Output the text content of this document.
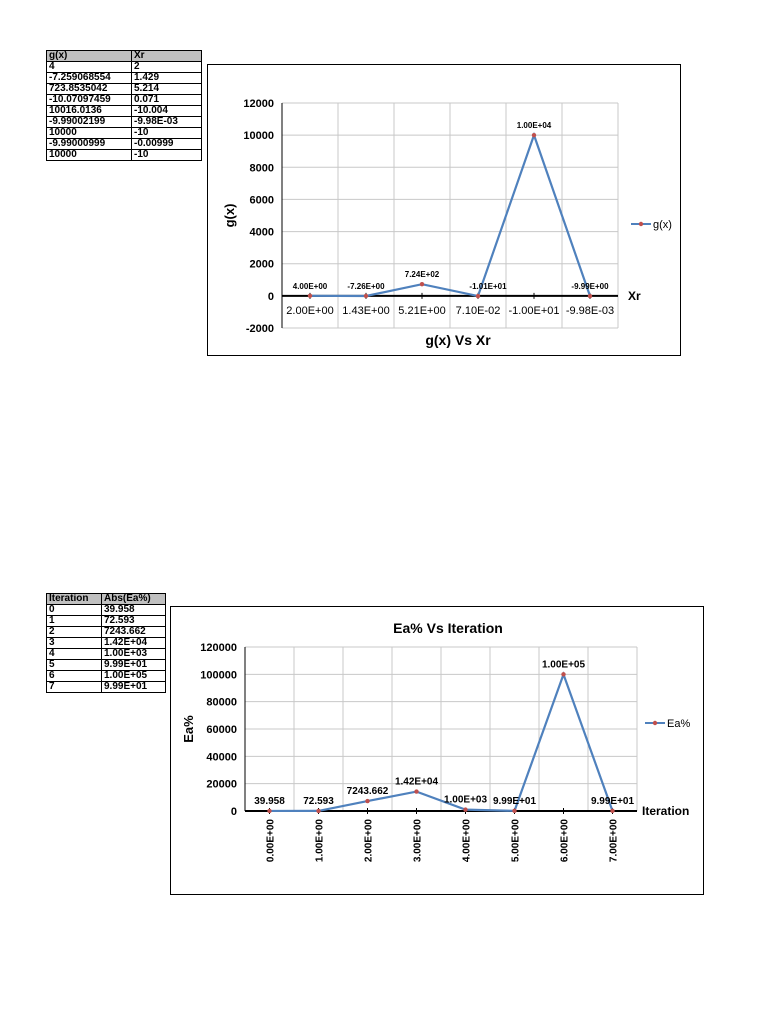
g(x)	Xr
4	2
-7.259068554	1.429
723.8535042	5.214
-10.07097459	0.071
10016.0136	-10.004
-9.99002199	-9.98E-03
10000	-10
-9.99000999	-0.00999
10000	-10
Iteration	Abs(Ea%)
0	39.958
1	72.593
2	7243.662
3	1.42E+04
4	1.00E+03
5	9.99E+01
6	1.00E+05
7	9.99E+01
-2000
0
2000
4000
6000
8000
10000
12000
2.00E+00 1.43E+00 5.21E+00 7.10E-02 -1.00E+01 -9.98E-03
4.00E+00	-7.26E+00
7.24E+02
-1.01E+01
1.00E+04
-9.99E+00
g(x) Vs Xr
Xr
g(x)	g(x)
0
20000
40000
60000
80000
100000
120000
0.00E+00	1.00E+00	2.00E+00	3.00E+00	4.00E+00	5.00E+00	6.00E+00	7.00E+00
39.958 72.593
7243.662
1.42E+04
1.00E+03 9.99E+01
1.00E+05
9.99E+01
Ea% Vs Iteration
Iteration
Ea%	Ea%
